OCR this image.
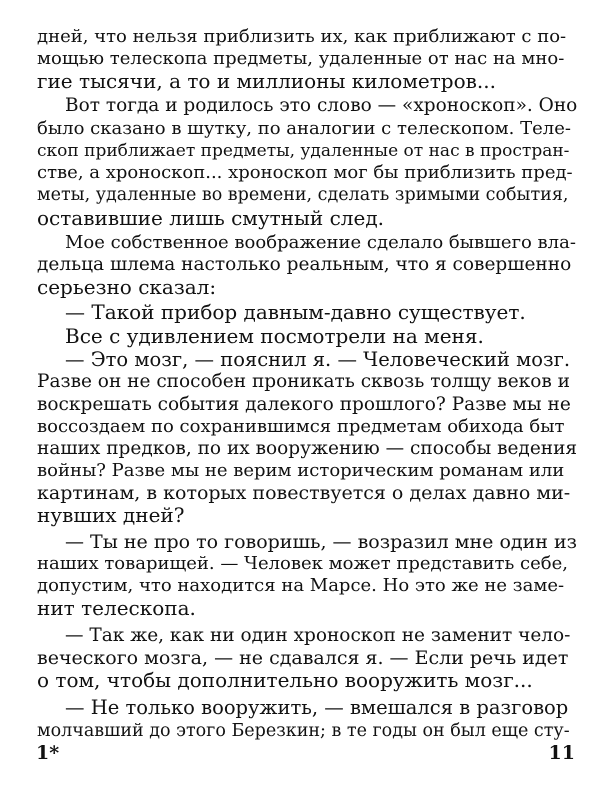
дней, что нельзя приблизить их, как приближают с по-
мощью телескопа предметы, удаленные от нас на мно-
гие тысячи, а то и миллионы километров...
Вот тогда и родилось это слово — «хроноскоп». Оно
было сказано в шутку, по аналогии с телескопом. Теле-
скоп приближает предметы, удаленные от нас в простран-
стве, а хроноскоп... хроноскоп мог бы приблизить пред-
меты, удаленные во времени, сделать зримыми события,
оставившие лишь смутный след.
Мое собственное воображение сделало бывшего вла-
дельца шлема настолько реальным, что я совершенно
серьезно сказал:
— Такой прибор давным-давно существует.
Все с удивлением посмотрели на меня.
— Это мозг, — пояснил я. — Человеческий мозг.
Разве он не способен проникать сквозь толщу веков и
воскрешать события далекого прошлого? Разве мы не
воссоздаем по сохранившимся предметам обихода быт
наших предков, по их вооружению — способы ведения
войны? Разве мы не верим историческим романам или
картинам, в которых повествуется о делах давно ми-
нувших дней?
— Ты не про то говоришь, — возразил мне один из
наших товарищей. — Человек может представить себе,
допустим, что находится на Марсе. Но это же не заме-
нит телескопа.
— Так же, как ни один хроноскоп не заменит чело-
веческого мозга, — не сдавался я. — Если речь идет
о том, чтобы дополнительно вооружить мозг...
— Не только вооружить, — вмешался в разговор
молчавший до этого Березкин; в те годы он был еще сту-
1*	11
